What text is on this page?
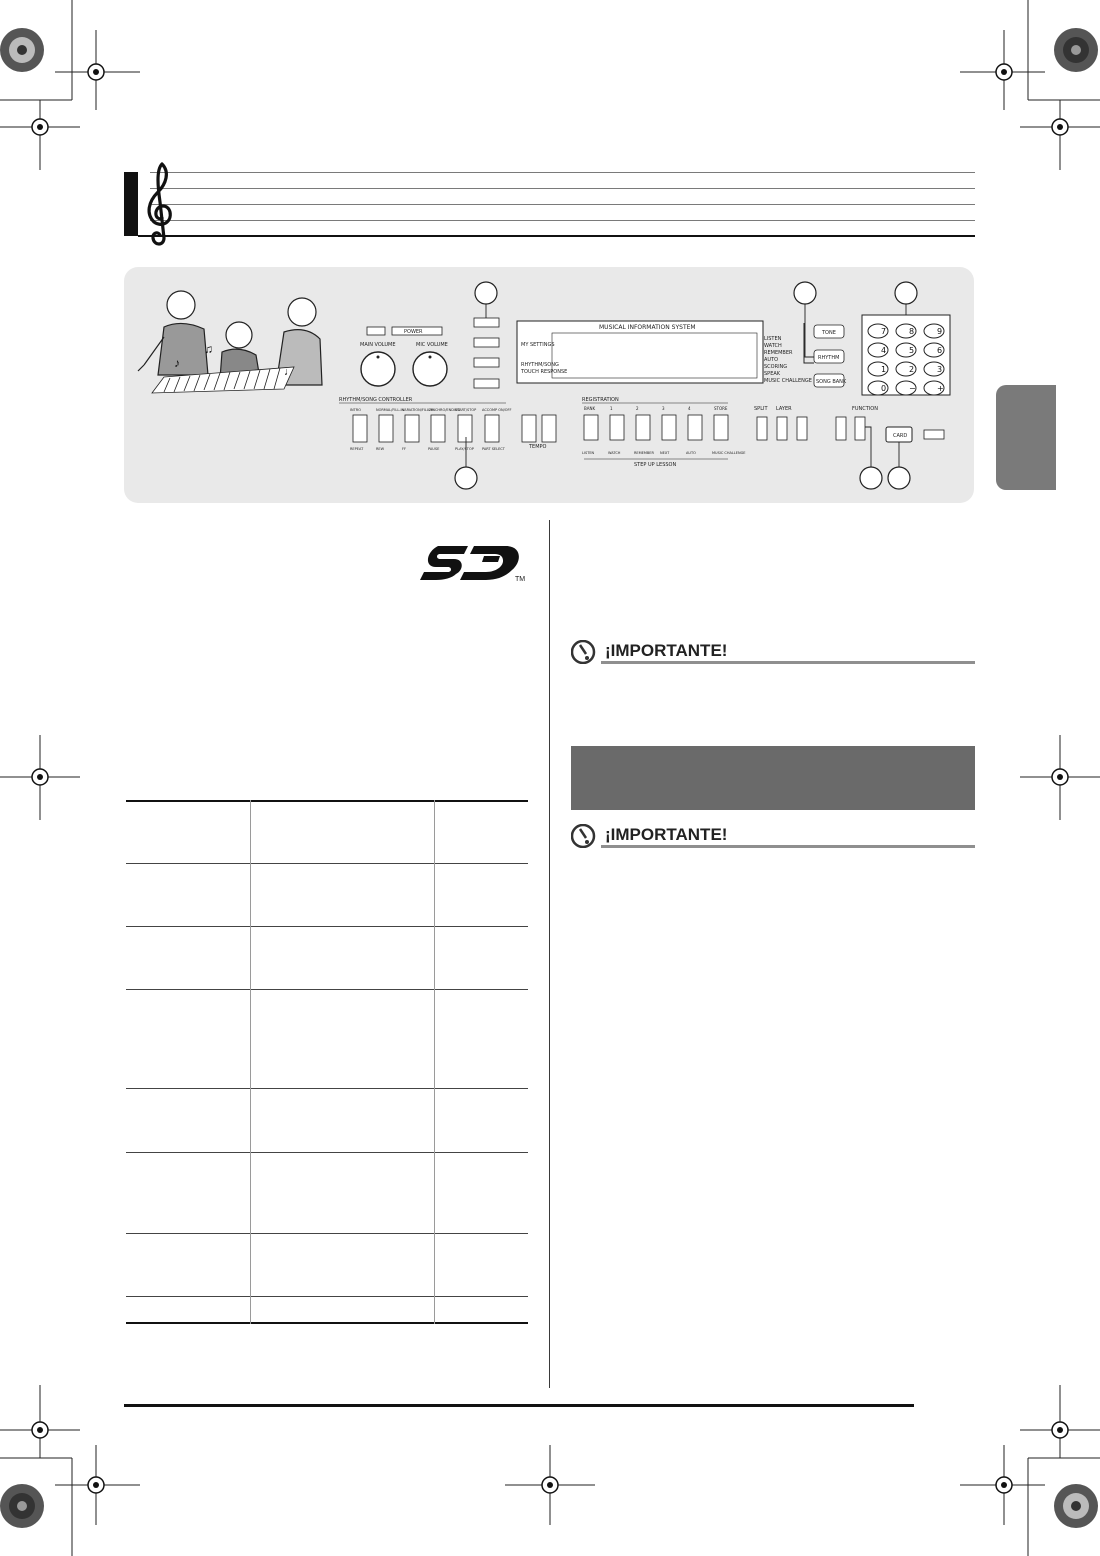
♪
♫
♩
POWER
MAIN VOLUME	MIC VOLUME
MUSICAL INFORMATION SYSTEM
MY SETTINGS
RHYTHM/SONG
TOUCH RESPONSE
LISTEN
WATCH
REMEMBER
AUTO
SCORING
SPEAK
MUSIC CHALLENGE
TONE
RHYTHM
SONG BANK
7	8	9
4	5	6
1	2	3
0	−	+
RHYTHM/SONG CONTROLLER	REGISTRATION
INTRO	NORMAL/FILL-IN
VARIATION/FILL-IN
SYNCHRO/ENDING
START/STOP ACCOMP ON/OFF
REPEAT	REW	FF	PAUSE	PLAY/STOP PART SELECT
BANK	1	2	3	4	STORE
LISTEN	WATCH	REMEMBER NEXT	AUTO	MUSIC CHALLENGE
TEMPO
STEP UP LESSON
SPLIT LAYER	FUNCTION
CARD
TM
¡IMPORTANTE!
¡IMPORTANTE!
